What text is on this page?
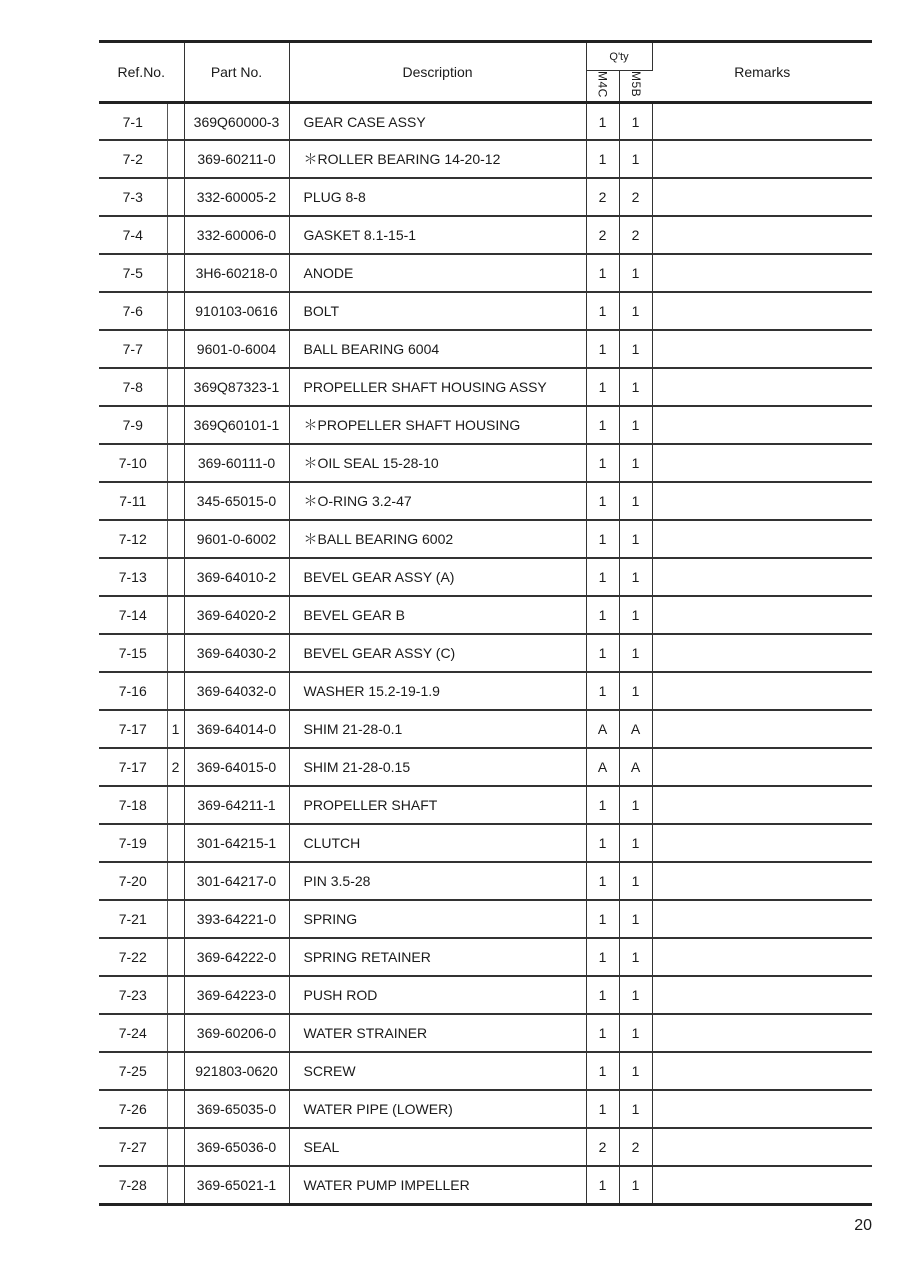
Ref.No.		Part No.	Description	Q'ty		Remarks
				M4C	M5B	
7-1		369Q60000-3	GEAR CASE ASSY	1	1	
7-2		369-60211-0	＊ROLLER BEARING 14-20-12	1	1	
7-3		332-60005-2	PLUG 8-8	2	2	
7-4		332-60006-0	GASKET 8.1-15-1	2	2	
7-5		3H6-60218-0	ANODE	1	1	
7-6		910103-0616	BOLT	1	1	
7-7		9601-0-6004	BALL BEARING 6004	1	1	
7-8		369Q87323-1	PROPELLER SHAFT HOUSING ASSY	1	1	
7-9		369Q60101-1	＊PROPELLER SHAFT HOUSING	1	1	
7-10		369-60111-0	＊OIL SEAL 15-28-10	1	1	
7-11		345-65015-0	＊O-RING 3.2-47	1	1	
7-12		9601-0-6002	＊BALL BEARING 6002	1	1	
7-13		369-64010-2	BEVEL GEAR ASSY (A)	1	1	
7-14		369-64020-2	BEVEL GEAR B	1	1	
7-15		369-64030-2	BEVEL GEAR ASSY (C)	1	1	
7-16		369-64032-0	WASHER 15.2-19-1.9	1	1	
7-17	1	369-64014-0	SHIM 21-28-0.1	A	A	
7-17	2	369-64015-0	SHIM 21-28-0.15	A	A	
7-18		369-64211-1	PROPELLER SHAFT	1	1	
7-19		301-64215-1	CLUTCH	1	1	
7-20		301-64217-0	PIN 3.5-28	1	1	
7-21		393-64221-0	SPRING	1	1	
7-22		369-64222-0	SPRING RETAINER	1	1	
7-23		369-64223-0	PUSH ROD	1	1	
7-24		369-60206-0	WATER STRAINER	1	1	
7-25		921803-0620	SCREW	1	1	
7-26		369-65035-0	WATER PIPE (LOWER)	1	1	
7-27		369-65036-0	SEAL	2	2	
7-28		369-65021-1	WATER PUMP IMPELLER	1	1	
20
